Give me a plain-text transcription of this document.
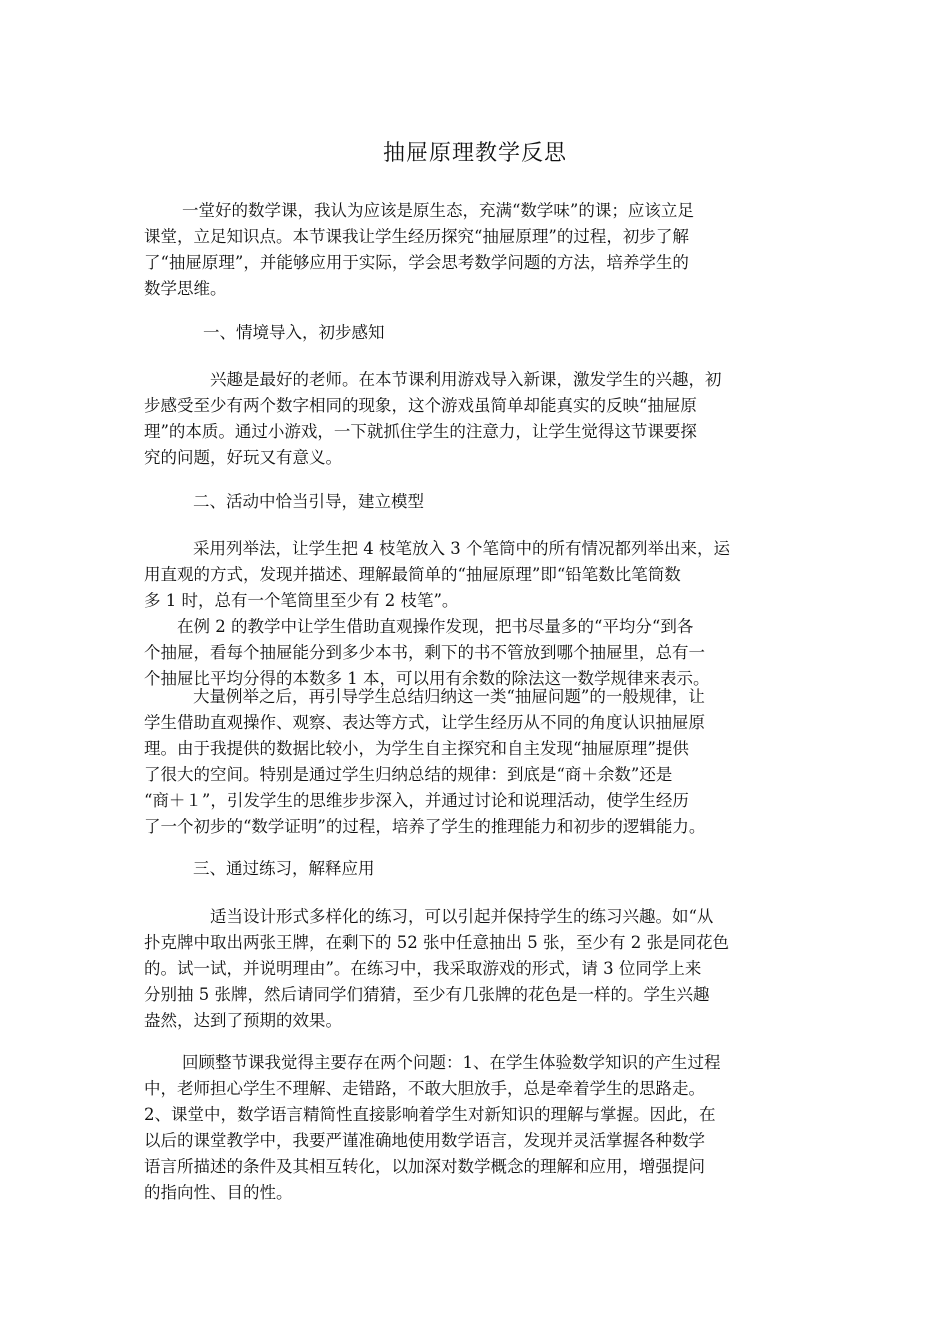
抽屉原理教学反思
一堂好的数学课，我认为应该是原生态，充满“数学味”的课；应该立足
课堂，立足知识点。本节课我让学生经历探究“抽屉原理”的过程，初步了解
了“抽屉原理”，并能够应用于实际，学会思考数学问题的方法，培养学生的
数学思维。
一、情境导入，初步感知
兴趣是最好的老师。在本节课利用游戏导入新课，激发学生的兴趣，初
步感受至少有两个数字相同的现象，这个游戏虽简单却能真实的反映“抽屉原
理”的本质。通过小游戏，一下就抓住学生的注意力，让学生觉得这节课要探
究的问题，好玩又有意义。
二、活动中恰当引导，建立模型
采用列举法，让学生把 4 枝笔放入 3 个笔筒中的所有情况都列举出来，运
用直观的方式，发现并描述、理解最简单的“抽屉原理”即“铅笔数比笔筒数
多 1 时，总有一个笔筒里至少有 2 枝笔”。
在例 2 的教学中让学生借助直观操作发现，把书尽量多的“平均分“到各
个抽屉，看每个抽屉能分到多少本书，剩下的书不管放到哪个抽屉里，总有一
个抽屉比平均分得的本数多 1 本，可以用有余数的除法这一数学规律来表示。
大量例举之后，再引导学生总结归纳这一类“抽屉问题”的一般规律，让
学生借助直观操作、观察、表达等方式，让学生经历从不同的角度认识抽屉原
理。由于我提供的数据比较小，为学生自主探究和自主发现“抽屉原理”提供
了很大的空间。特别是通过学生归纳总结的规律：到底是“商＋余数”还是
“商＋１”，引发学生的思维步步深入，并通过讨论和说理活动，使学生经历
了一个初步的“数学证明”的过程，培养了学生的推理能力和初步的逻辑能力。
三、通过练习，解释应用
适当设计形式多样化的练习，可以引起并保持学生的练习兴趣。如“从
扑克牌中取出两张王牌，在剩下的 52 张中任意抽出 5 张，至少有 2 张是同花色
的。试一试，并说明理由”。在练习中，我采取游戏的形式，请 3 位同学上来
分别抽 5 张牌，然后请同学们猜猜，至少有几张牌的花色是一样的。学生兴趣
盎然，达到了预期的效果。
回顾整节课我觉得主要存在两个问题：1、在学生体验数学知识的产生过程
中，老师担心学生不理解、走错路，不敢大胆放手，总是牵着学生的思路走。
2、课堂中，数学语言精简性直接影响着学生对新知识的理解与掌握。因此，在
以后的课堂教学中，我要严谨准确地使用数学语言，发现并灵活掌握各种数学
语言所描述的条件及其相互转化，以加深对数学概念的理解和应用，增强提问
的指向性、目的性。
